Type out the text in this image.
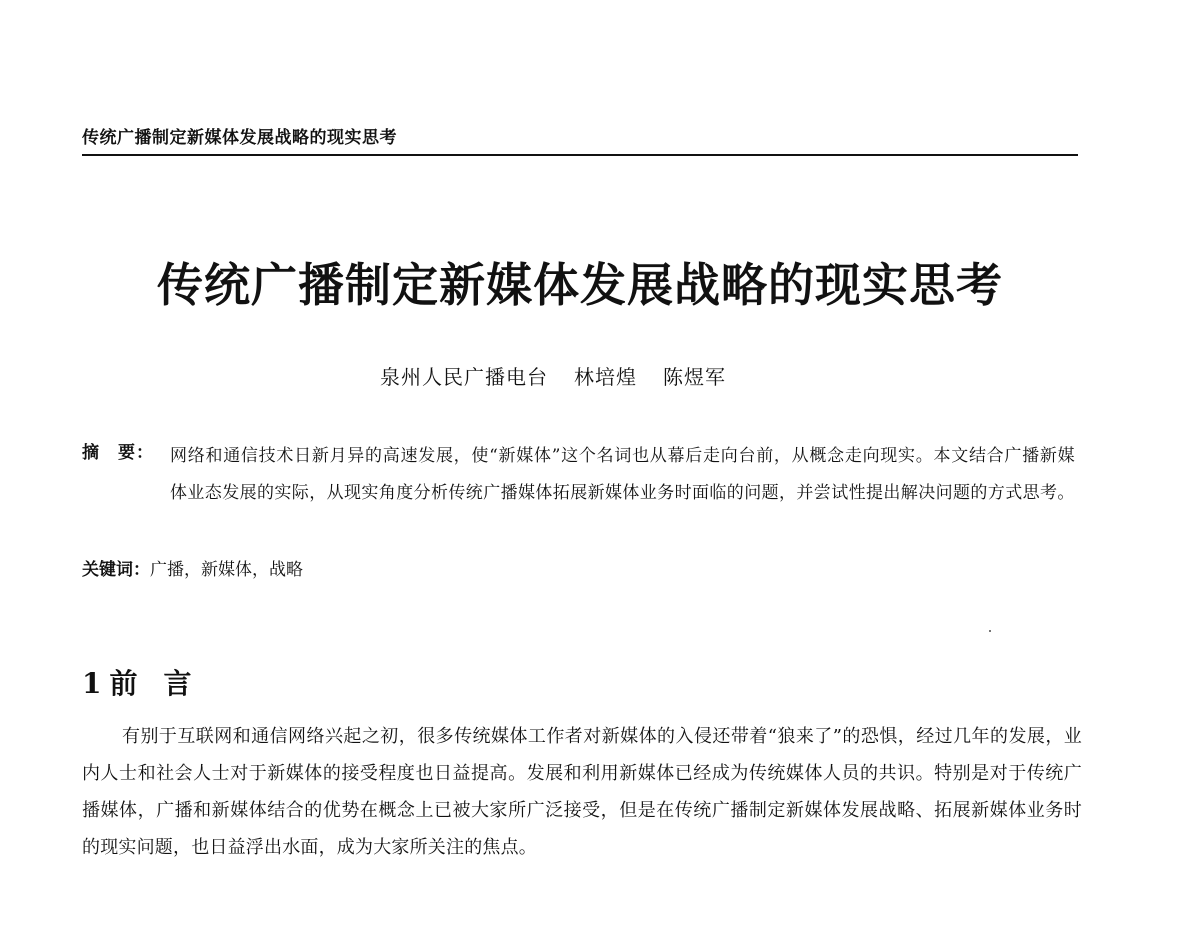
传统广播制定新媒体发展战略的现实思考
传统广播制定新媒体发展战略的现实思考
泉州人民广播电台 林培煌 陈煜军
摘　要： 网络和通信技术日新月异的高速发展，使“新媒体”这个名词也从幕后走向台前，从概念走向现实。本文结合广播新媒体业态发展的实际，从现实角度分析传统广播媒体拓展新媒体业务时面临的问题，并尝试性提出解决问题的方式思考。
关键词：广播，新媒体，战略
1 前言
有别于互联网和通信网络兴起之初，很多传统媒体工作者对新媒体的入侵还带着“狼来了”的恐惧，经过几年的发展，业内人士和社会人士对于新媒体的接受程度也日益提高。发展和利用新媒体已经成为传统媒体人员的共识。特别是对于传统广播媒体，广播和新媒体结合的优势在概念上已被大家所广泛接受，但是在传统广播制定新媒体发展战略、拓展新媒体业务时的现实问题，也日益浮出水面，成为大家所关注的焦点。
